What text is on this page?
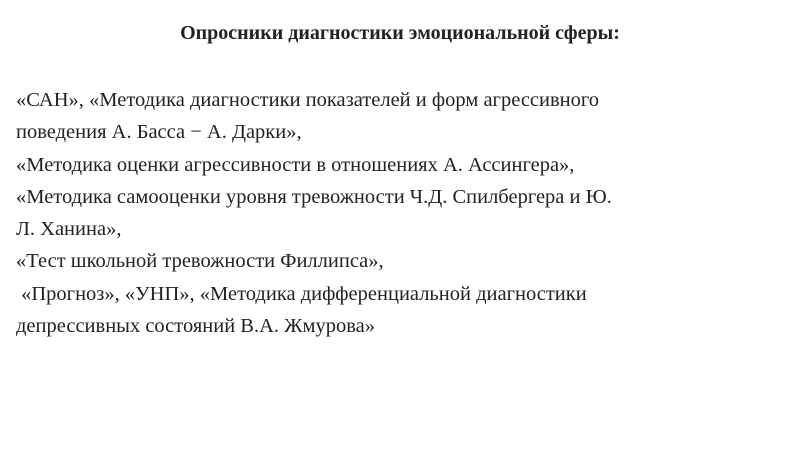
Опросники диагностики эмоциональной сферы:
«САН», «Методика диагностики показателей и форм агрессивного
поведения А. Басса − А. Дарки»,
«Методика оценки агрессивности в отношениях А. Ассингера»,
«Методика самооценки уровня тревожности Ч.Д. Спилбергера и Ю.
Л. Ханина»,
«Тест школьной тревожности Филлипса»,
«Прогноз», «УНП», «Методика дифференциальной диагностики
депрессивных состояний В.А. Жмурова»
